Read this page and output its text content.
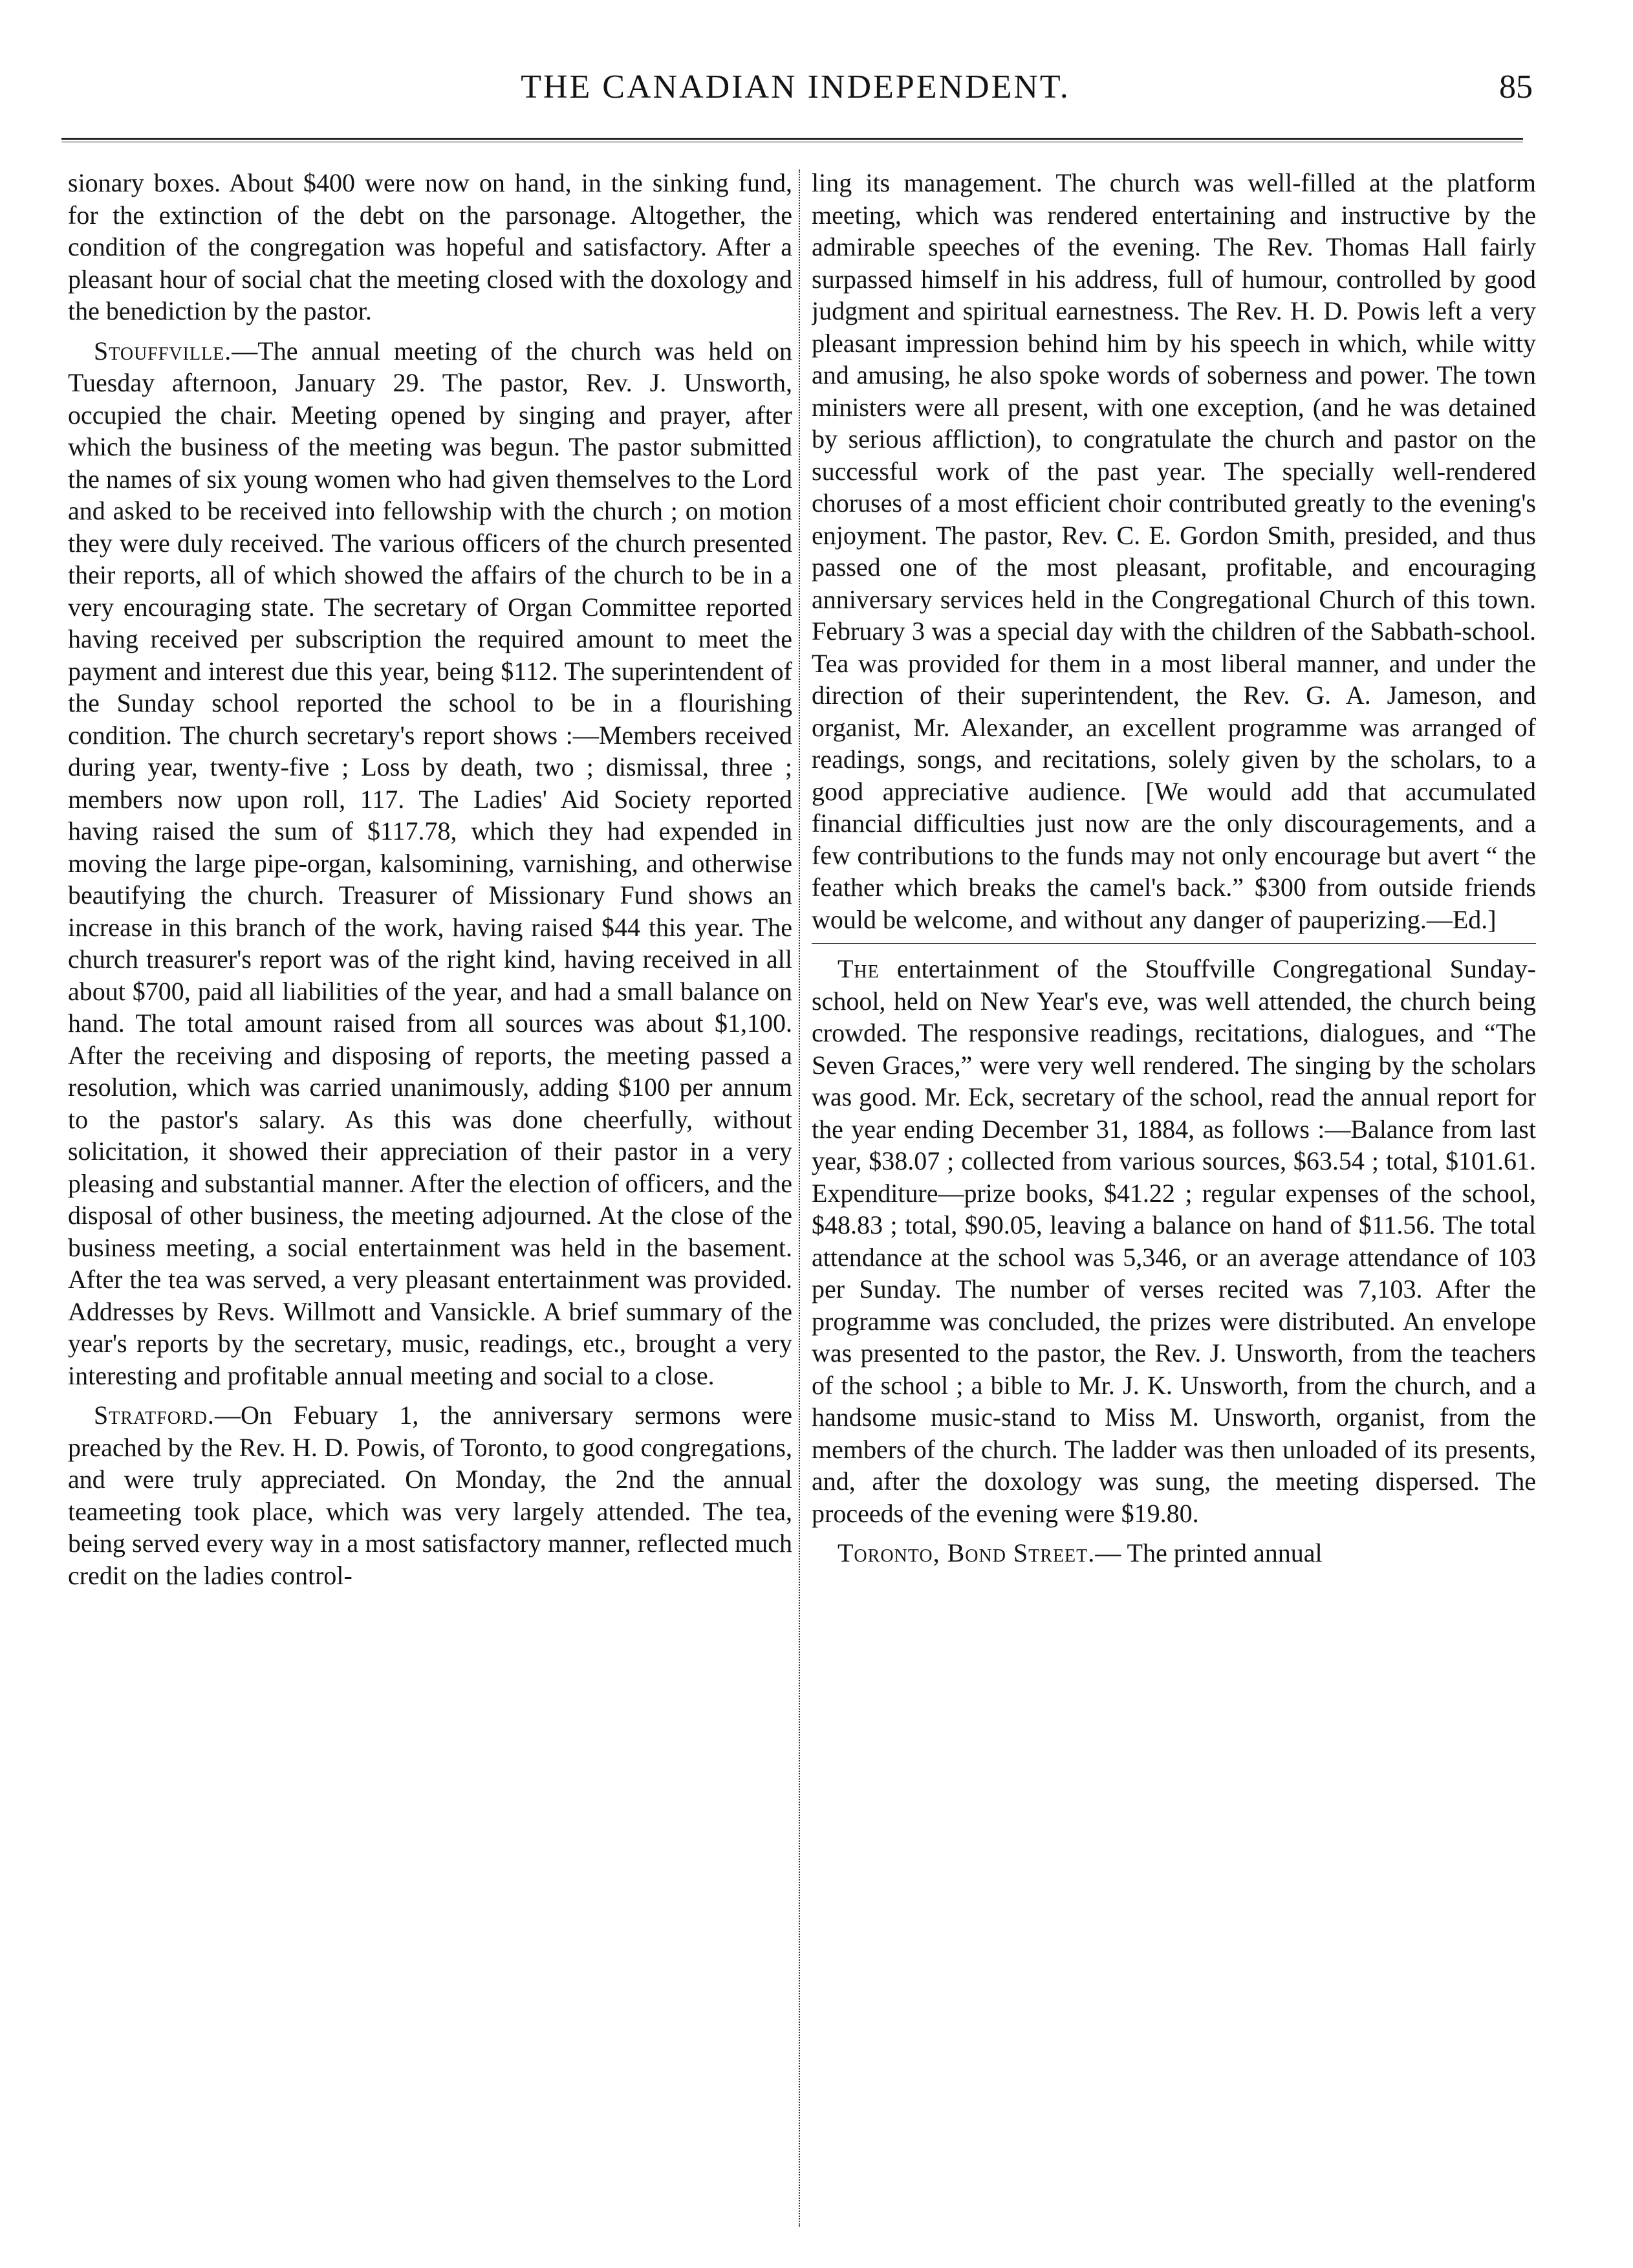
THE CANADIAN INDEPENDENT.	85

sionary boxes. About $400 were now on hand, in the sinking fund, for the extinction of the debt on the parsonage. Altogether, the condition of the congregation was hopeful and satisfactory. After a pleasant hour of social chat the meeting closed with the doxology and the benediction by the pastor.

Stouffville.—The annual meeting of the church was held on Tuesday afternoon, January 29. The pastor, Rev. J. Unsworth, occupied the chair. Meeting opened by singing and prayer, after which the business of the meeting was begun. The pastor submitted the names of six young women who had given themselves to the Lord and asked to be received into fellowship with the church ; on motion they were duly received. The various officers of the church presented their reports, all of which showed the affairs of the church to be in a very encouraging state. The secretary of Organ Committee reported having received per subscription the required amount to meet the payment and interest due this year, being $112. The superintendent of the Sunday school reported the school to be in a flourishing condition. The church secretary's report shows :—Members received during year, twenty-five ; Loss by death, two ; dismissal, three ; members now upon roll, 117. The Ladies' Aid Society reported having raised the sum of $117.78, which they had expended in moving the large pipe-organ, kalsomining, varnishing, and otherwise beautifying the church. Treasurer of Missionary Fund shows an increase in this branch of the work, having raised $44 this year. The church treasurer's report was of the right kind, having received in all about $700, paid all liabilities of the year, and had a small balance on hand. The total amount raised from all sources was about $1,100. After the receiving and disposing of reports, the meeting passed a resolution, which was carried unanimously, adding $100 per annum to the pastor's salary. As this was done cheerfully, without solicitation, it showed their appreciation of their pastor in a very pleasing and substantial manner. After the election of officers, and the disposal of other business, the meeting adjourned. At the close of the business meeting, a social entertainment was held in the basement. After the tea was served, a very pleasant entertainment was provided. Addresses by Revs. Willmott and Vansickle. A brief summary of the year's reports by the secretary, music, readings, etc., brought a very interesting and profitable annual meeting and social to a close.

Stratford.—On Febuary 1, the anniversary sermons were preached by the Rev. H. D. Powis, of Toronto, to good congregations, and were truly appreciated. On Monday, the 2nd the annual teameeting took place, which was very largely attended. The tea, being served every way in a most satisfactory manner, reflected much credit on the ladies control-

ling its management. The church was well-filled at the platform meeting, which was rendered entertaining and instructive by the admirable speeches of the evening. The Rev. Thomas Hall fairly surpassed himself in his address, full of humour, controlled by good judgment and spiritual earnestness. The Rev. H. D. Powis left a very pleasant impression behind him by his speech in which, while witty and amusing, he also spoke words of soberness and power. The town ministers were all present, with one exception, (and he was detained by serious affliction), to congratulate the church and pastor on the successful work of the past year. The specially well-rendered choruses of a most efficient choir contributed greatly to the evening's enjoyment. The pastor, Rev. C. E. Gordon Smith, presided, and thus passed one of the most pleasant, profitable, and encouraging anniversary services held in the Congregational Church of this town. February 3 was a special day with the children of the Sabbath-school. Tea was provided for them in a most liberal manner, and under the direction of their superintendent, the Rev. G. A. Jameson, and organist, Mr. Alexander, an excellent programme was arranged of readings, songs, and recitations, solely given by the scholars, to a good appreciative audience. [We would add that accumulated financial difficulties just now are the only discouragements, and a few contributions to the funds may not only encourage but avert “ the feather which breaks the camel's back.” $300 from outside friends would be welcome, and without any danger of pauperizing.—Ed.]

The entertainment of the Stouffville Congregational Sunday-school, held on New Year's eve, was well attended, the church being crowded. The responsive readings, recitations, dialogues, and “The Seven Graces,” were very well rendered. The singing by the scholars was good. Mr. Eck, secretary of the school, read the annual report for the year ending December 31, 1884, as follows :—Balance from last year, $38.07 ; collected from various sources, $63.54 ; total, $101.61. Expenditure—prize books, $41.22 ; regular expenses of the school, $48.83 ; total, $90.05, leaving a balance on hand of $11.56. The total attendance at the school was 5,346, or an average attendance of 103 per Sunday. The number of verses recited was 7,103. After the programme was concluded, the prizes were distributed. An envelope was presented to the pastor, the Rev. J. Unsworth, from the teachers of the school ; a bible to Mr. J. K. Unsworth, from the church, and a handsome music-stand to Miss M. Unsworth, organist, from the members of the church. The ladder was then unloaded of its presents, and, after the doxology was sung, the meeting dispersed. The proceeds of the evening were $19.80.

Toronto, Bond Street.— The printed annual
